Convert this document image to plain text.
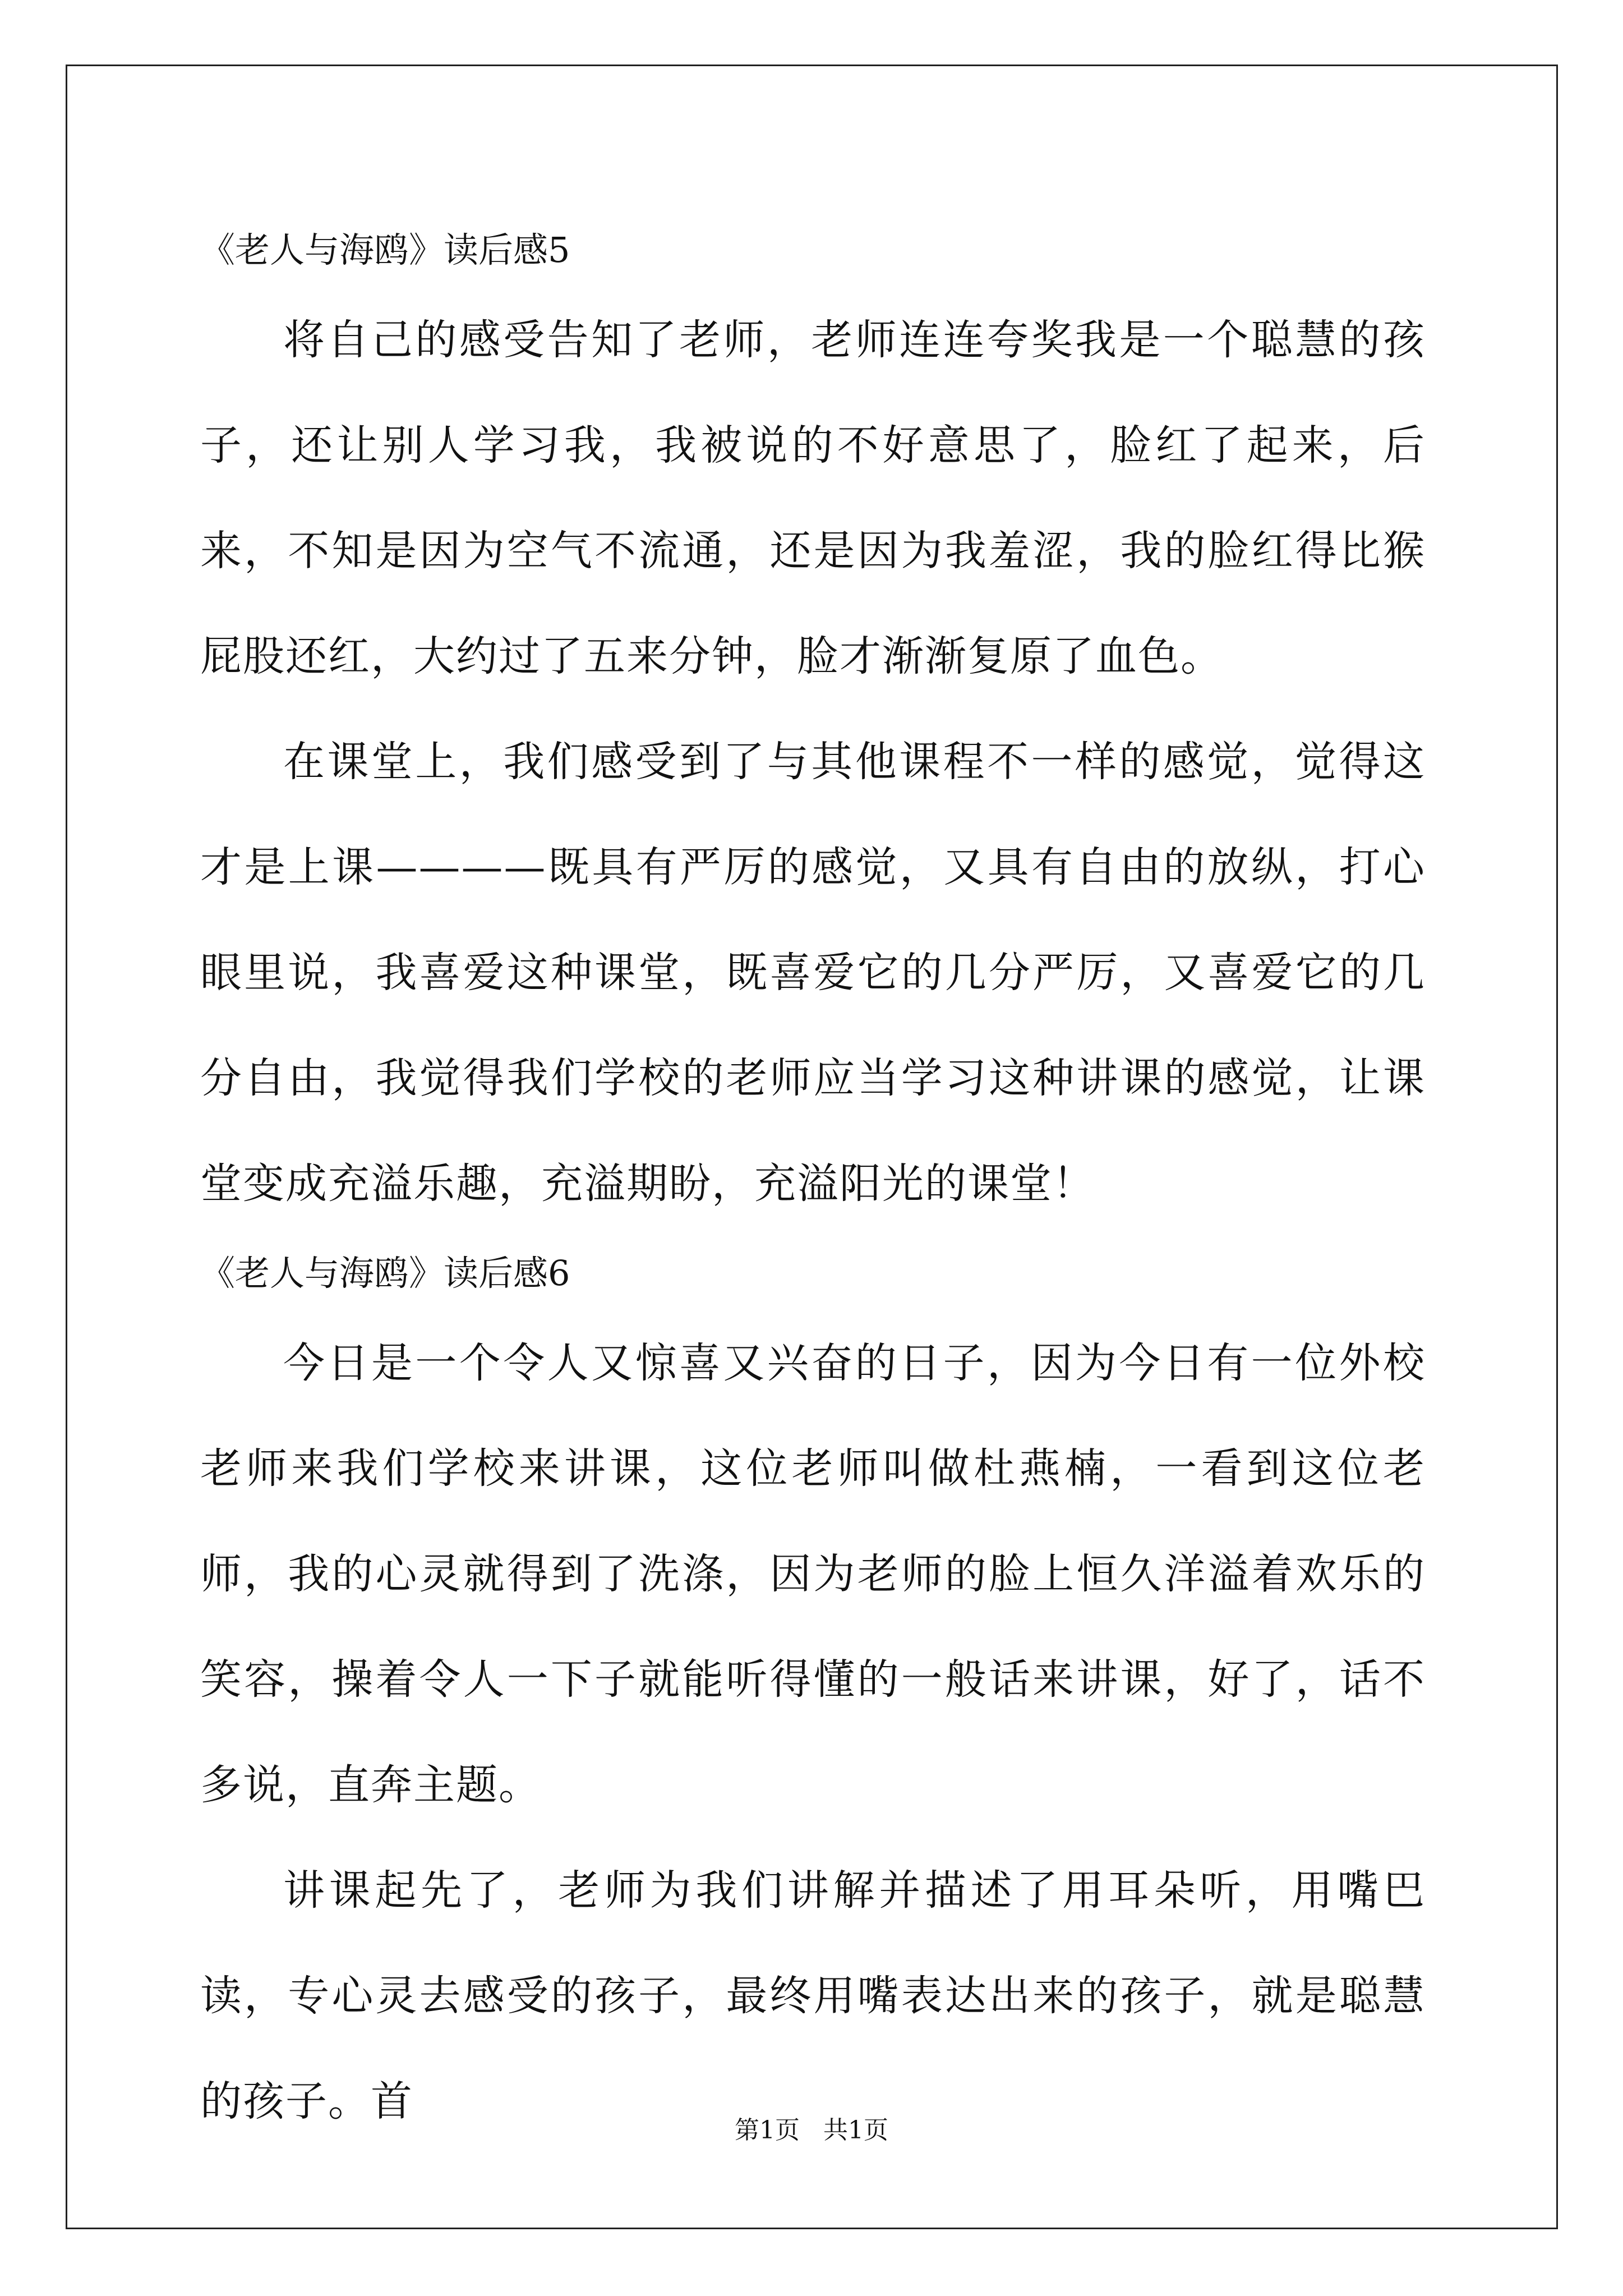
《老人与海鸥》读后感5

将自己的感受告知了老师，老师连连夸奖我是一个聪慧的孩子，还让别人学习我，我被说的不好意思了，脸红了起来，后来，不知是因为空气不流通，还是因为我羞涩，我的脸红得比猴屁股还红，大约过了五来分钟，脸才渐渐复原了血色。

在课堂上，我们感受到了与其他课程不一样的感觉，觉得这才是上课————既具有严厉的感觉，又具有自由的放纵，打心眼里说，我喜爱这种课堂，既喜爱它的几分严厉，又喜爱它的几分自由，我觉得我们学校的老师应当学习这种讲课的感觉，让课堂变成充溢乐趣，充溢期盼，充溢阳光的课堂！

《老人与海鸥》读后感6

今日是一个令人又惊喜又兴奋的日子，因为今日有一位外校老师来我们学校来讲课，这位老师叫做杜燕楠，一看到这位老师，我的心灵就得到了洗涤，因为老师的脸上恒久洋溢着欢乐的笑容，操着令人一下子就能听得懂的一般话来讲课，好了，话不多说，直奔主题。

讲课起先了，老师为我们讲解并描述了用耳朵听，用嘴巴读，专心灵去感受的孩子，最终用嘴表达出来的孩子，就是聪慧的孩子。首

第1页   共1页
